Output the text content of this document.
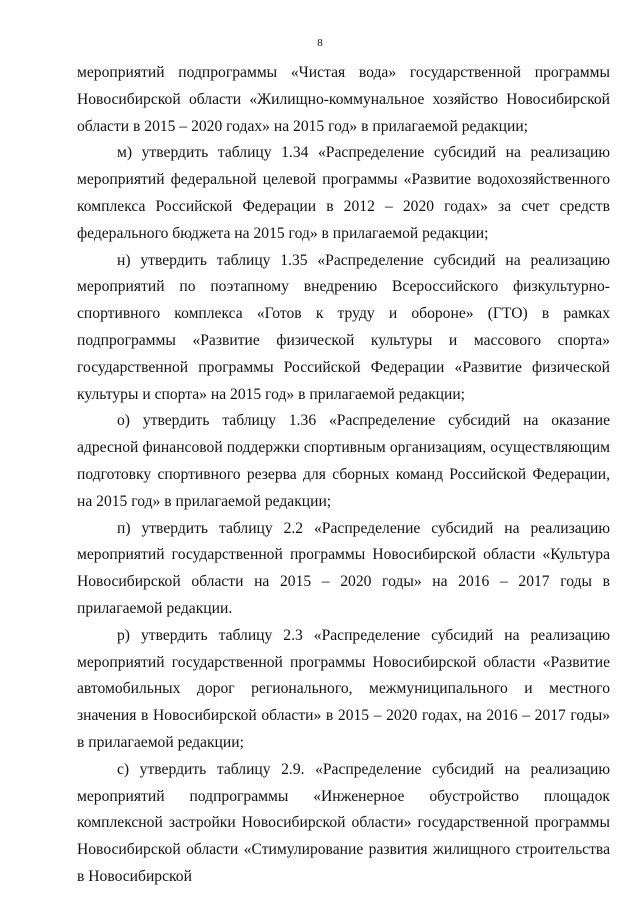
8

мероприятий подпрограммы «Чистая вода» государственной программы Новосибирской области «Жилищно-коммунальное хозяйство Новосибирской области в 2015 – 2020 годах» на 2015 год» в прилагаемой редакции;

м) утвердить таблицу 1.34 «Распределение субсидий на реализацию мероприятий федеральной целевой программы «Развитие водохозяйственного комплекса Российской Федерации в 2012 – 2020 годах» за счет средств федерального бюджета на 2015 год» в прилагаемой редакции;

н) утвердить таблицу 1.35 «Распределение субсидий на реализацию мероприятий по поэтапному внедрению Всероссийского физкультурно-спортивного комплекса «Готов к труду и обороне» (ГТО) в рамках подпрограммы «Развитие физической культуры и массового спорта» государственной программы Российской Федерации «Развитие физической культуры и спорта» на 2015 год» в прилагаемой редакции;

о) утвердить таблицу 1.36 «Распределение субсидий на оказание адресной финансовой поддержки спортивным организациям, осуществляющим подготовку спортивного резерва для сборных команд Российской Федерации, на 2015 год» в прилагаемой редакции;

п) утвердить таблицу 2.2 «Распределение субсидий на реализацию мероприятий государственной программы Новосибирской области «Культура Новосибирской области на 2015 – 2020 годы» на 2016 – 2017 годы в прилагаемой редакции.

р) утвердить таблицу 2.3 «Распределение субсидий на реализацию мероприятий государственной программы Новосибирской области «Развитие автомобильных дорог регионального, межмуниципального и местного значения в Новосибирской области» в 2015 – 2020 годах, на 2016 – 2017 годы» в прилагаемой редакции;

с) утвердить таблицу 2.9. «Распределение субсидий на реализацию мероприятий подпрограммы «Инженерное обустройство площадок комплексной застройки Новосибирской области» государственной программы Новосибирской области «Стимулирование развития жилищного строительства в Новосибирской
